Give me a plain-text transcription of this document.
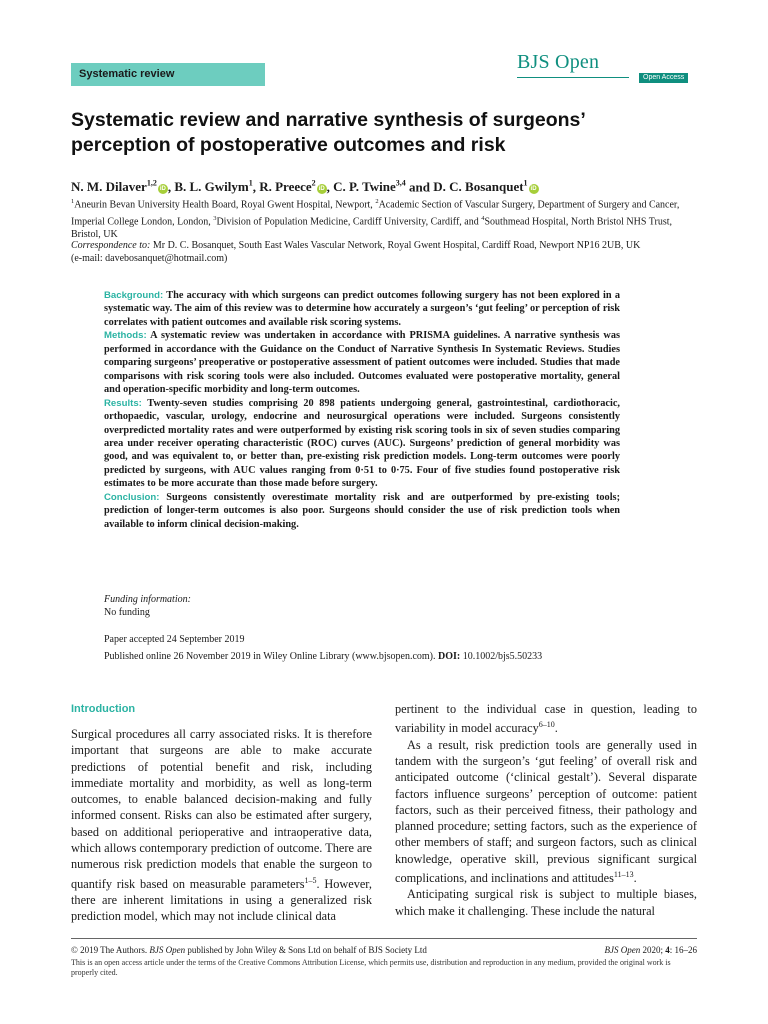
Systematic review
BJS Open
Open Access
Systematic review and narrative synthesis of surgeons’ perception of postoperative outcomes and risk
N. M. Dilaver$^{1,2}$iD , B. L. Gwilym$^1$, R. Preece$^2$iD , C. P. Twine$^{3,4}$ and D. C. Bosanquet$^1$iD

$^1$Aneurin Bevan University Health Board, Royal Gwent Hospital, Newport, $^2$Academic Section of Vascular Surgery, Department of Surgery and Cancer, Imperial College London, London, $^3$Division of Population Medicine, Cardiff University, Cardiff, and $^4$Southmead Hospital, North Bristol NHS Trust, Bristol, UK

Correspondence to: Mr D. C. Bosanquet, South East Wales Vascular Network, Royal Gwent Hospital, Cardiff Road, Newport NP16 2UB, UK
(e-mail: davebosanquet@hotmail.com)

Background: The accuracy with which surgeons can predict outcomes following surgery has not been explored in a systematic way. The aim of this review was to determine how accurately a surgeon’s ‘gut feeling’ or perception of risk correlates with patient outcomes and available risk scoring systems.
Methods: A systematic review was undertaken in accordance with PRISMA guidelines. A narrative synthesis was performed in accordance with the Guidance on the Conduct of Narrative Synthesis In Systematic Reviews. Studies comparing surgeons’ preoperative or postoperative assessment of patient outcomes were included. Studies that made comparisons with risk scoring tools were also included. Outcomes evaluated were postoperative mortality, general and operation-specific morbidity and long-term outcomes.
Results: Twenty-seven studies comprising 20 898 patients undergoing general, gastrointestinal, cardiothoracic, orthopaedic, vascular, urology, endocrine and neurosurgical operations were included. Surgeons consistently overpredicted mortality rates and were outperformed by existing risk scoring tools in six of seven studies comparing area under receiver operating characteristic (ROC) curves (AUC). Surgeons’ prediction of general morbidity was good, and was equivalent to, or better than, pre-existing risk prediction models. Long-term outcomes were poorly predicted by surgeons, with AUC values ranging from 0·51 to 0·75. Four of five studies found postoperative risk estimates to be more accurate than those made before surgery.
Conclusion: Surgeons consistently overestimate mortality risk and are outperformed by pre-existing tools; prediction of longer-term outcomes is also poor. Surgeons should consider the use of risk prediction tools when available to inform clinical decision-making.

Funding information:
No funding
Paper accepted 24 September 2019
Published online 26 November 2019 in Wiley Online Library (www.bjsopen.com). DOI: 10.1002/bjs5.50233
Introduction

Surgical procedures all carry associated risks. It is therefore important that surgeons are able to make accurate predictions of potential benefit and risk, including immediate mortality and morbidity, as well as long-term outcomes, to enable balanced decision-making and fully informed consent. Risks can also be estimated after surgery, based on additional perioperative and intraoperative data, which allows contemporary prediction of outcome. There are numerous risk prediction models that enable the surgeon to quantify risk based on measurable parameters$^{1-5}$. However, there are inherent limitations in using a generalized risk prediction model, which may not include clinical data

pertinent to the individual case in question, leading to variability in model accuracy$^{6-10}$.

As a result, risk prediction tools are generally used in tandem with the surgeon’s ‘gut feeling’ of overall risk and anticipated outcome (‘clinical gestalt’). Several disparate factors influence surgeons’ perception of outcome: patient factors, such as their perceived fitness, their pathology and planned procedure; setting factors, such as the experience of other members of staff; and surgeon factors, such as clinical knowledge, operative skill, previous significant surgical complications, and inclinations and attitudes$^{11-13}$.

Anticipating surgical risk is subject to multiple biases, which make it challenging. These include the natural

© 2019 The Authors. BJS Open published by John Wiley & Sons Ltd on behalf of BJS Society Ltd	BJS Open 2020; 4: 16–26
This is an open access article under the terms of the Creative Commons Attribution License, which permits use, distribution and reproduction in any medium, provided the original work is properly cited.
